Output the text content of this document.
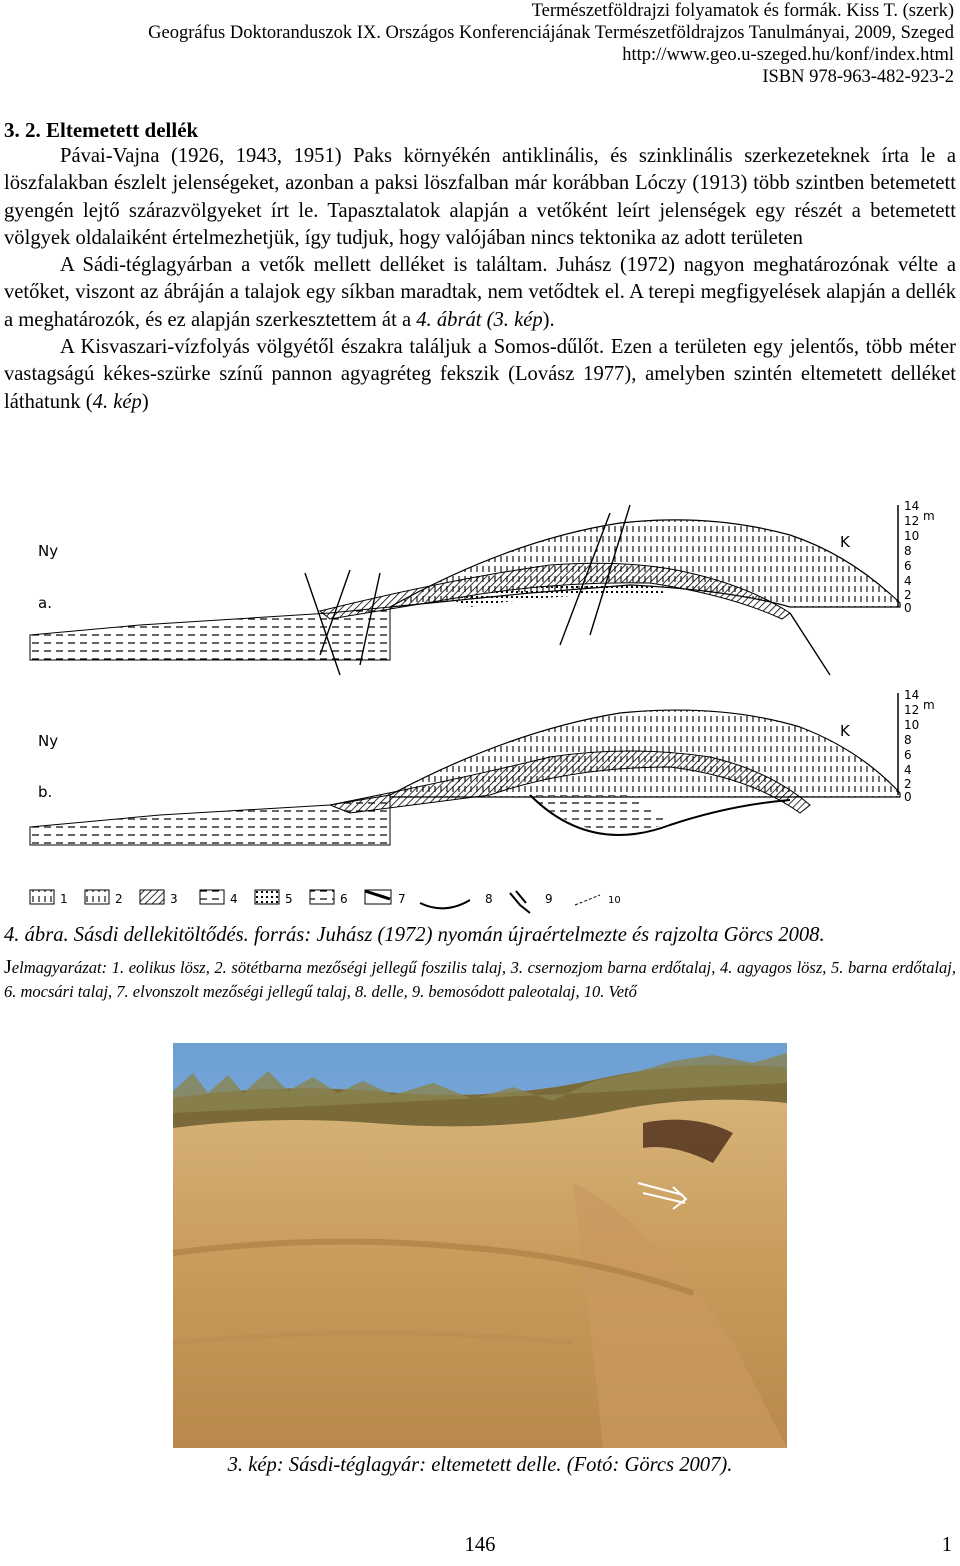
Természetföldrajzi folyamatok és formák. Kiss T. (szerk)
Geográfus Doktoranduszok IX. Országos Konferenciájának Természetföldrajzos Tanulmányai, 2009, Szeged
http://www.geo.u-szeged.hu/konf/index.html
ISBN 978-963-482-923-2
3. 2. Eltemetett dellék

Pávai-Vajna (1926, 1943, 1951) Paks környékén antiklinális, és szinklinális szerkezeteknek írta le a löszfalakban észlelt jelenségeket, azonban a paksi löszfalban már korábban Lóczy (1913) több szintben betemetett gyengén lejtő szárazvölgyeket írt le. Tapasztalatok alapján a vetőként leírt jelenségek egy részét a betemetett völgyek oldalaiként értelmezhetjük, így tudjuk, hogy valójában nincs tektonika az adott területen

A Sádi-téglagyárban a vetők mellett delléket is találtam. Juhász (1972) nagyon meghatározónak vélte a vetőket, viszont az ábráján a talajok egy síkban maradtak, nem vetődtek el. A terepi megfigyelések alapján a dellék a meghatározók, és ez alapján szerkesztettem át a 4. ábrát (3. kép).

A Kisvaszari-vízfolyás völgyétől északra találjuk a Somos-dűlőt. Ezen a területen egy jelentős, több méter vastagságú kékes-szürke színű pannon agyagréteg fekszik (Lovász 1977), amelyben szintén eltemetett delléket láthatunk (4. kép)

Ny
a.
K
14
12
10
8
6
4
2
0
m
Ny
b.
K
14
12
10
8
6
4
2
0
m
1	2	3	4	5	6	7	8	9	10
4. ábra. Sásdi dellekitöltődés. forrás: Juhász (1972) nyomán újraértelmezte és rajzolta Görcs 2008.
Jelmagyarázat: 1. eolikus lösz, 2. sötétbarna mezőségi jellegű foszilis talaj, 3. csernozjom barna erdőtalaj, 4. agyagos lösz, 5. barna erdőtalaj, 6. mocsári talaj, 7. elvonszolt mezőségi jellegű talaj, 8. delle, 9. bemosódott paleotalaj, 10. Vető
3. kép: Sásdi-téglagyár: eltemetett delle. (Fotó: Görcs 2007).
146	1
